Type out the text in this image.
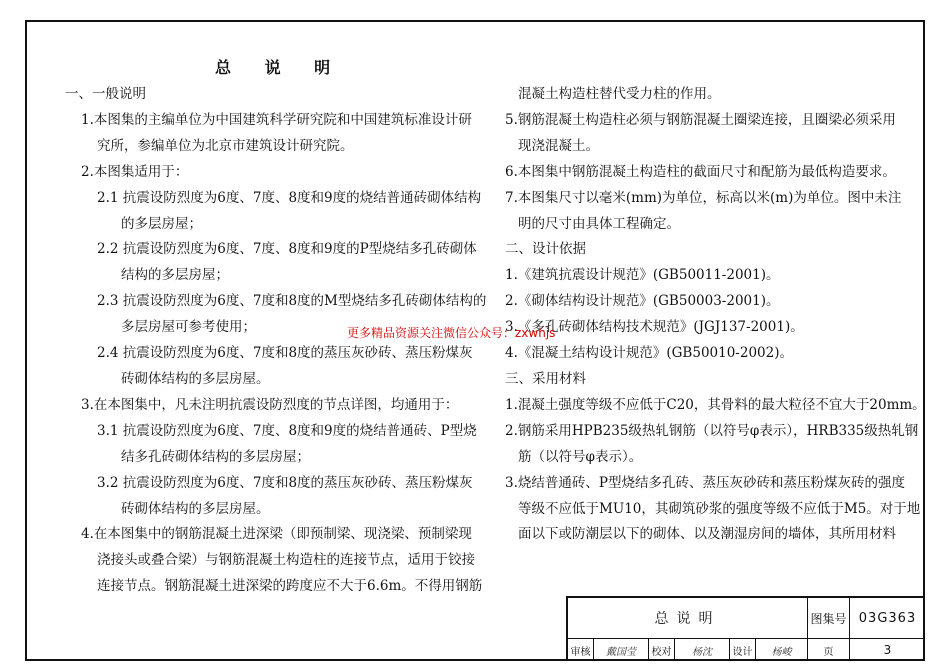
总 说 明

一、一般说明

1.本图集的主编单位为中国建筑科学研究院和中国建筑标准设计研

究所，参编单位为北京市建筑设计研究院。

2.本图集适用于：

2.1 抗震设防烈度为6度、7度、8度和9度的烧结普通砖砌体结构

的多层房屋；

2.2 抗震设防烈度为6度、7度、8度和9度的P型烧结多孔砖砌体

结构的多层房屋；

2.3 抗震设防烈度为6度、7度和8度的M型烧结多孔砖砌体结构的

多层房屋可参考使用；

2.4 抗震设防烈度为6度、7度和8度的蒸压灰砂砖、蒸压粉煤灰

砖砌体结构的多层房屋。

3.在本图集中，凡未注明抗震设防烈度的节点详图，均通用于：

3.1 抗震设防烈度为6度、7度、8度和9度的烧结普通砖、P型烧

结多孔砖砌体结构的多层房屋；

3.2 抗震设防烈度为6度、7度和8度的蒸压灰砂砖、蒸压粉煤灰

砖砌体结构的多层房屋。

4.在本图集中的钢筋混凝土进深梁（即预制梁、现浇梁、预制梁现

浇接头或叠合梁）与钢筋混凝土构造柱的连接节点，适用于铰接

连接节点。钢筋混凝土进深梁的跨度应不大于6.6m。不得用钢筋

混凝土构造柱替代受力柱的作用。

5.钢筋混凝土构造柱必须与钢筋混凝土圈梁连接，且圈梁必须采用

现浇混凝土。

6.本图集中钢筋混凝土构造柱的截面尺寸和配筋为最低构造要求。

7.本图集尺寸以毫米(mm)为单位，标高以米(m)为单位。图中未注

明的尺寸由具体工程确定。

二、设计依据

1.《建筑抗震设计规范》(GB50011-2001)。

2.《砌体结构设计规范》(GB50003-2001)。

3.《多孔砖砌体结构技术规范》(JGJ137-2001)。

4.《混凝土结构设计规范》(GB50010-2002)。

三、采用材料

1.混凝土强度等级不应低于C20，其骨料的最大粒径不宜大于20mm。

2.钢筋采用HPB235级热轧钢筋（以符号φ表示），HRB335级热轧钢

筋（以符号φ表示）。

3.烧结普通砖、P型烧结多孔砖、蒸压灰砂砖和蒸压粉煤灰砖的强度

等级不应低于MU10，其砌筑砂浆的强度等级不应低于M5。对于地

面以下或防潮层以下的砌体、以及潮湿房间的墙体，其所用材料

更多精品资源关注微信公众号：zxwhjs
总说明	图集号 03G363
审核	戴国莹	校对	杨沈	设计	杨峻	页	3
